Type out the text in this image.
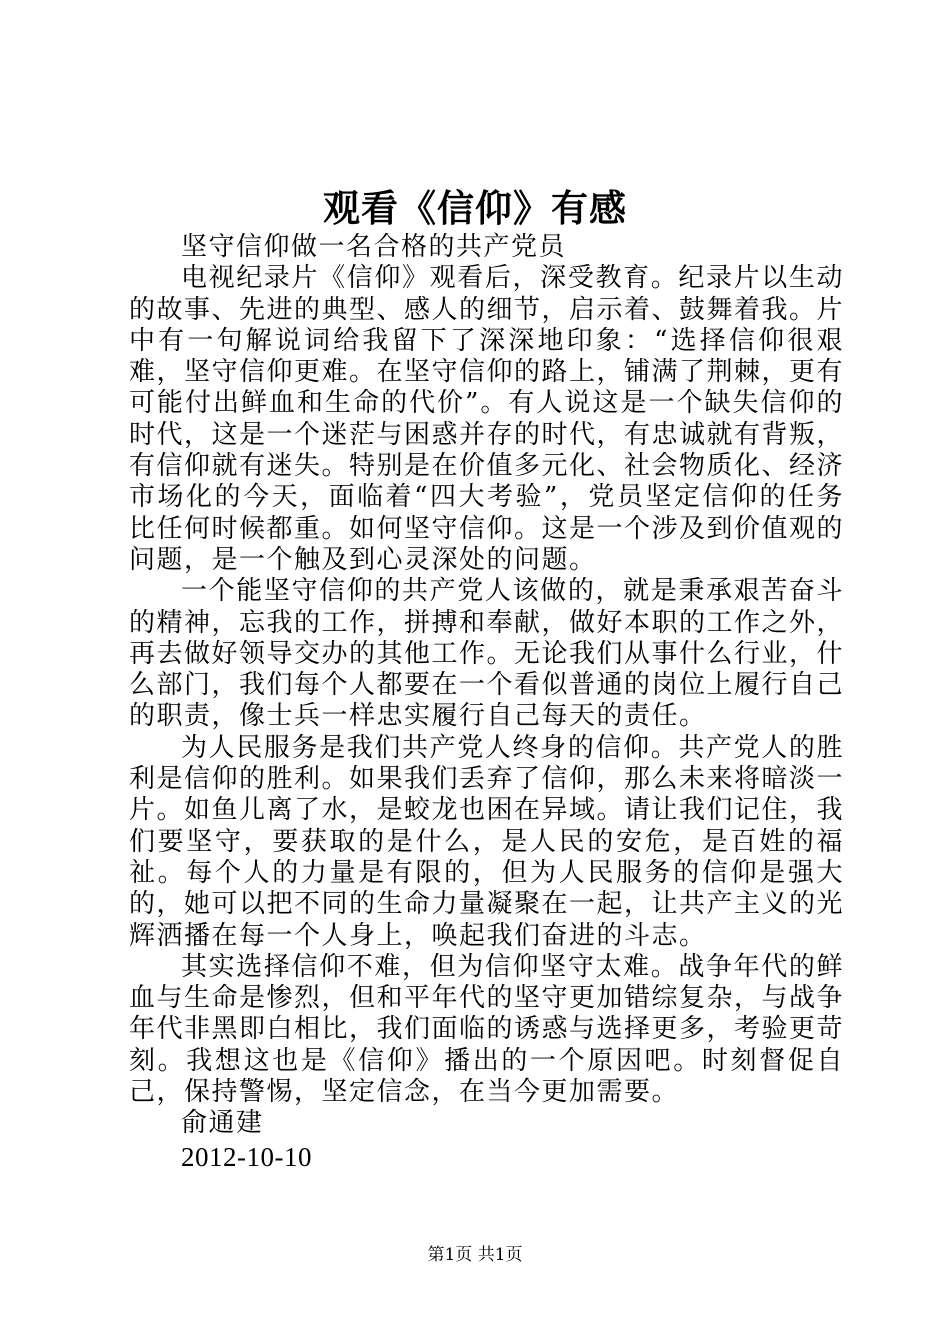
观看《信仰》有感

坚守信仰做一名合格的共产党员

电视纪录片《信仰》观看后，深受教育。纪录片以生动的故事、先进的典型、感人的细节，启示着、鼓舞着我。片中有一句解说词给我留下了深深地印象：“选择信仰很艰难，坚守信仰更难。在坚守信仰的路上，铺满了荆棘，更有可能付出鲜血和生命的代价”。有人说这是一个缺失信仰的时代，这是一个迷茫与困惑并存的时代，有忠诚就有背叛，有信仰就有迷失。特别是在价值多元化、社会物质化、经济市场化的今天，面临着“四大考验”，党员坚定信仰的任务比任何时候都重。如何坚守信仰。这是一个涉及到价值观的问题，是一个触及到心灵深处的问题。

一个能坚守信仰的共产党人该做的，就是秉承艰苦奋斗的精神，忘我的工作，拼搏和奉献，做好本职的工作之外，再去做好领导交办的其他工作。无论我们从事什么行业，什么部门，我们每个人都要在一个看似普通的岗位上履行自己的职责，像士兵一样忠实履行自己每天的责任。

为人民服务是我们共产党人终身的信仰。共产党人的胜利是信仰的胜利。如果我们丢弃了信仰，那么未来将暗淡一片。如鱼儿离了水，是蛟龙也困在异域。请让我们记住，我们要坚守，要获取的是什么，是人民的安危，是百姓的福祉。每个人的力量是有限的，但为人民服务的信仰是强大的，她可以把不同的生命力量凝聚在一起，让共产主义的光辉洒播在每一个人身上，唤起我们奋进的斗志。

其实选择信仰不难，但为信仰坚守太难。战争年代的鲜血与生命是惨烈，但和平年代的坚守更加错综复杂，与战争年代非黑即白相比，我们面临的诱惑与选择更多，考验更苛刻。我想这也是《信仰》播出的一个原因吧。时刻督促自己，保持警惕，坚定信念，在当今更加需要。

俞通建

2012-10-10

第1页 共1页
